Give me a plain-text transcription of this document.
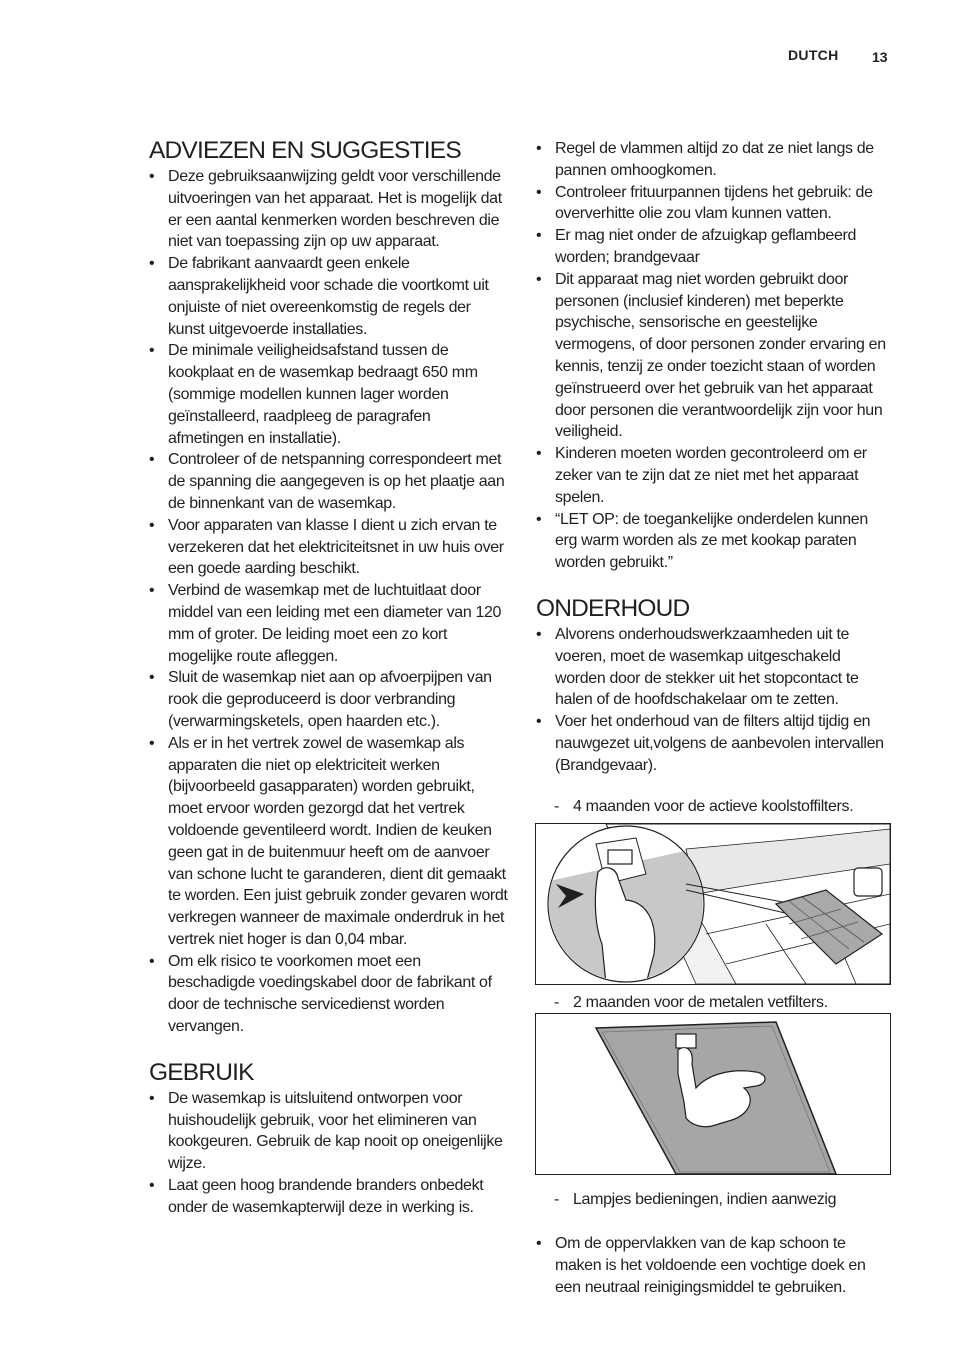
DUTCH 13
ADVIEZEN EN SUGGESTIES
• Deze gebruiksaanwijzing geldt voor verschillende uitvoeringen van het apparaat. Het is mogelijk dat er een aantal kenmerken worden beschreven die niet van toepassing zijn op uw apparaat.
• De fabrikant aanvaardt geen enkele aansprakelijkheid voor schade die voortkomt uit onjuiste of niet overeenkomstig de regels der kunst uitgevoerde installaties.
• De minimale veiligheidsafstand tussen de kookplaat en de wasemkap bedraagt 650 mm (sommige modellen kunnen lager worden geïnstalleerd, raadpleeg de paragrafen afmetingen en installatie).
• Controleer of de netspanning correspondeert met de spanning die aangegeven is op het plaatje aan de binnenkant van de wasemkap.
• Voor apparaten van klasse I dient u zich ervan te verzekeren dat het elektriciteitsnet in uw huis over een goede aarding beschikt.
• Verbind de wasemkap met de luchtuitlaat door middel van een leiding met een diameter van 120 mm of groter. De leiding moet een zo kort mogelijke route afleggen.
• Sluit de wasemkap niet aan op afvoerpijpen van rook die geproduceerd is door verbranding (verwarmingsketels, open haarden etc.).
• Als er in het vertrek zowel de wasemkap als apparaten die niet op elektriciteit werken (bijvoorbeeld gasapparaten) worden gebruikt, moet ervoor worden gezorgd dat het vertrek voldoende geventileerd wordt. Indien de keuken geen gat in de buitenmuur heeft om de aanvoer van schone lucht te garanderen, dient dit gemaakt te worden. Een juist gebruik zonder gevaren wordt verkregen wanneer de maximale onderdruk in het vertrek niet hoger is dan 0,04 mbar.
• Om elk risico te voorkomen moet een beschadigde voedingskabel door de fabrikant of door de technische servicedienst worden vervangen.
GEBRUIK
• De wasemkap is uitsluitend ontworpen voor huishoudelijk gebruik, voor het elimineren van kookgeuren. Gebruik de kap nooit op oneigenlijke wijze.
• Laat geen hoog brandende branders onbedekt onder de wasemkapterwijl deze in werking is.
• Regel de vlammen altijd zo dat ze niet langs de pannen omhoogkomen.
• Controleer frituurpannen tijdens het gebruik: de oververhitte olie zou vlam kunnen vatten.
• Er mag niet onder de afzuigkap geflambeerd worden; brandgevaar
• Dit apparaat mag niet worden gebruikt door personen (inclusief kinderen) met beperkte psychische, sensorische en geestelijke vermogens, of door personen zonder ervaring en kennis, tenzij ze onder toezicht staan of worden geïnstrueerd over het gebruik van het apparaat door personen die verantwoordelijk zijn voor hun veiligheid.
• Kinderen moeten worden gecontroleerd om er zeker van te zijn dat ze niet met het apparaat spelen.
• “LET OP: de toegankelijke onderdelen kunnen erg warm worden als ze met kookap paraten worden gebruikt.”
ONDERHOUD
• Alvorens onderhoudswerkzaamheden uit te voeren, moet de wasemkap uitgeschakeld worden door de stekker uit het stopcontact te halen of de hoofdschakelaar om te zetten.
• Voer het onderhoud van de filters altijd tijdig en nauwgezet uit,volgens de aanbevolen intervallen (Brandgevaar).
- 4 maanden voor de actieve koolstoffilters.
- 2 maanden voor de metalen vetfilters.
- Lampjes bedieningen, indien aanwezig
• Om de oppervlakken van de kap schoon te maken is het voldoende een vochtige doek en een neutraal reinigingsmiddel te gebruiken.
